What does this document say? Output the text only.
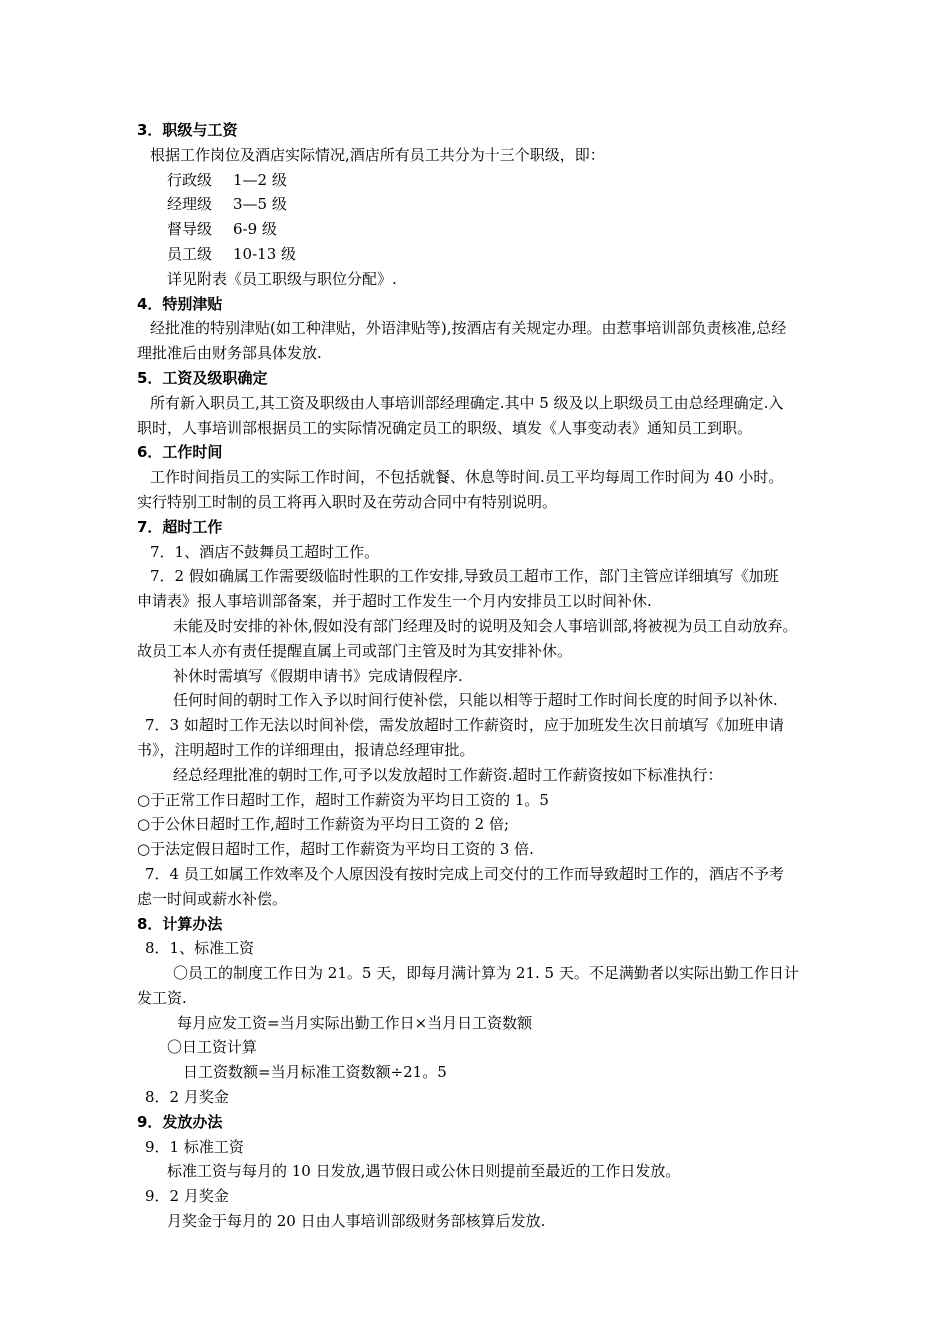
3．职级与工资
根据工作岗位及酒店实际情况,酒店所有员工共分为十三个职级，即：
行政级 1—2 级
经理级 3—5 级
督导级 6-9 级
员工级 10-13 级
详见附表《员工职级与职位分配》.
4．特别津贴
经批准的特别津贴(如工种津贴，外语津贴等),按酒店有关规定办理。由惹事培训部负责核准,总经
理批准后由财务部具体发放.
5．工资及级职确定
所有新入职员工,其工资及职级由人事培训部经理确定.其中 5 级及以上职级员工由总经理确定.入
职时，人事培训部根据员工的实际情况确定员工的职级、填发《人事变动表》通知员工到职。
6．工作时间
工作时间指员工的实际工作时间，不包括就餐、休息等时间.员工平均每周工作时间为 40 小时。
实行特别工时制的员工将再入职时及在劳动合同中有特别说明。
7．超时工作
7．1、酒店不鼓舞员工超时工作。
7．2 假如确属工作需要级临时性职的工作安排,导致员工超市工作，部门主管应详细填写《加班
申请表》报人事培训部备案，并于超时工作发生一个月内安排员工以时间补休.
未能及时安排的补休,假如没有部门经理及时的说明及知会人事培训部,将被视为员工自动放弃。
故员工本人亦有责任提醒直属上司或部门主管及时为其安排补休。
补休时需填写《假期申请书》完成请假程序.
任何时间的朝时工作入予以时间行使补偿，只能以相等于超时工作时间长度的时间予以补休.
7．3 如超时工作无法以时间补偿，需发放超时工作薪资时，应于加班发生次日前填写《加班申请
书》，注明超时工作的详细理由，报请总经理审批。
经总经理批准的朝时工作,可予以发放超时工作薪资.超时工作薪资按如下标准执行：
○于正常工作日超时工作，超时工作薪资为平均日工资的 1。5
○于公休日超时工作,超时工作薪资为平均日工资的 2 倍;
○于法定假日超时工作，超时工作薪资为平均日工资的 3 倍.
7．4 员工如属工作效率及个人原因没有按时完成上司交付的工作而导致超时工作的，酒店不予考
虑一时间或薪水补偿。
8．计算办法
8．1、标准工资
〇员工的制度工作日为 21。5 天，即每月满计算为 21. 5 天。不足满勤者以实际出勤工作日计
发工资.
每月应发工资=当月实际出勤工作日×当月日工资数额
〇日工资计算
日工资数额=当月标准工资数额÷21。5
8．2 月奖金
9．发放办法
9．1 标准工资
标准工资与每月的 10 日发放,遇节假日或公休日则提前至最近的工作日发放。
9．2 月奖金
月奖金于每月的 20 日由人事培训部级财务部核算后发放.
